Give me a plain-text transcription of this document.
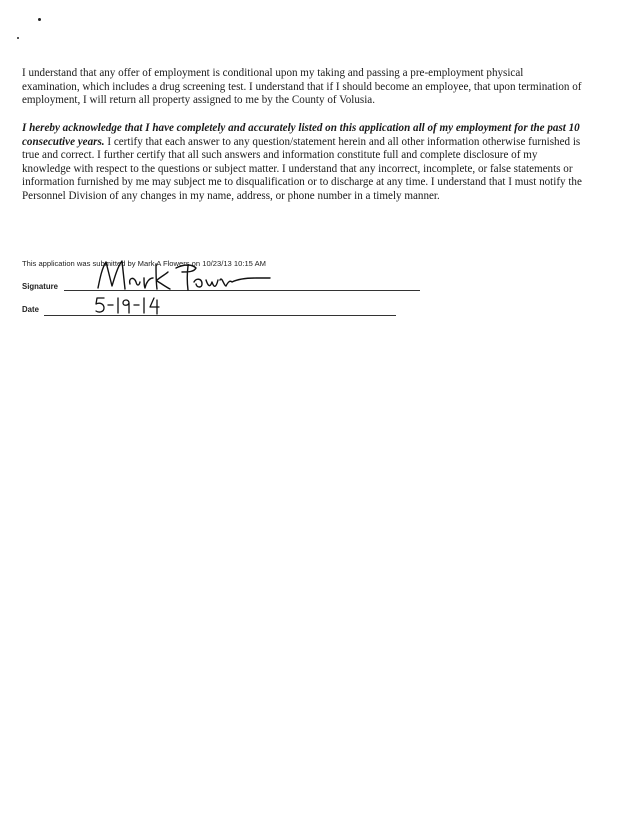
I understand that any offer of employment is conditional upon my taking and passing a pre-employment physical examination, which includes a drug screening test. I understand that if I should become an employee, that upon termination of employment, I will return all property assigned to me by the County of Volusia.

I hereby acknowledge that I have completely and accurately listed on this application all of my employment for the past 10 consecutive years. I certify that each answer to any question/statement herein and all other information otherwise furnished is true and correct. I further certify that all such answers and information constitute full and complete disclosure of my knowledge with respect to the questions or subject matter. I understand that any incorrect, incomplete, or false statements or information furnished by me may subject me to disqualification or to discharge at any time. I understand that I must notify the Personnel Division of any changes in my name, address, or phone number in a timely manner.

This application was submitted by Mark A Flowers on 10/23/13 10:15 AM
Signature
Date
